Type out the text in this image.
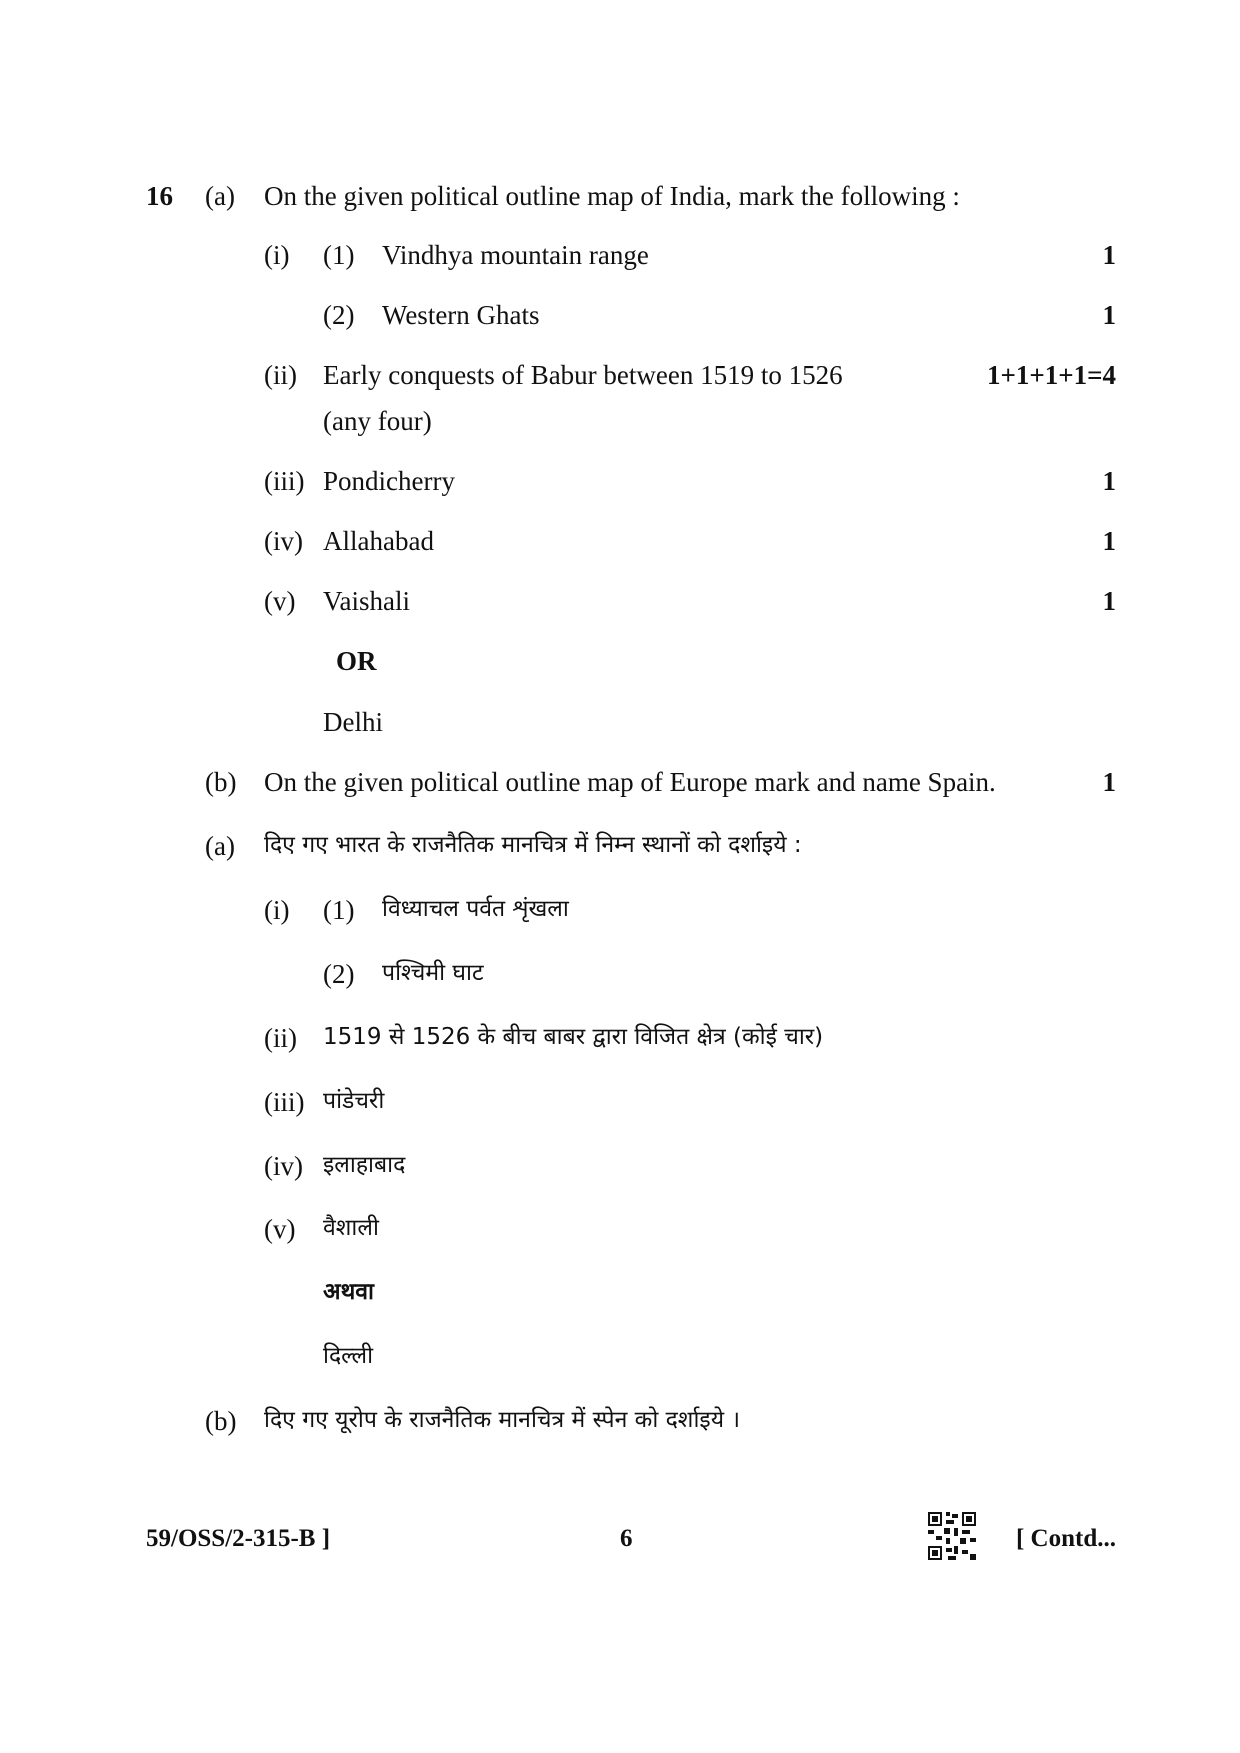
16 (a) On the given political outline map of India, mark the following :
(i) (1) Vindhya mountain range	1
(2) Western Ghats	1
(ii) Early conquests of Babur between 1519 to 1526	1+1+1+1=4
(any four)
(iii) Pondicherry	1
(iv) Allahabad	1
(v) Vaishali	1
OR
Delhi
(b) On the given political outline map of Europe mark and name Spain.	1
(a) दिए गए भारत के राजनैतिक मानचित्र में निम्न स्थानों को दर्शाइये :
(i) (1) विध्याचल पर्वत शृंखला
(2) पश्चिमी घाट
(ii) 1519 से 1526 के बीच बाबर द्वारा विजित क्षेत्र (कोई चार)
(iii) पांडेचरी
(iv) इलाहाबाद
(v) वैशाली
अथवा
दिल्ली
(b) दिए गए यूरोप के राजनैतिक मानचित्र में स्पेन को दर्शाइये ।
59/OSS/2-315-B ]	6	[ Contd...
